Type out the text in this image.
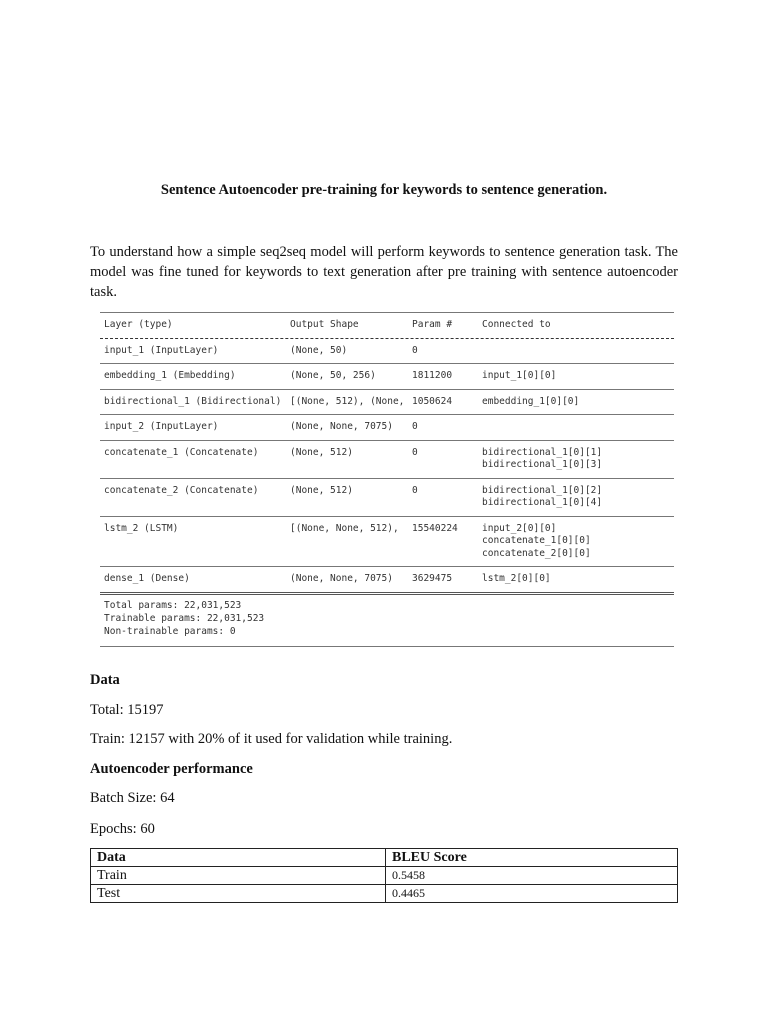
Sentence Autoencoder pre-training for keywords to sentence generation.
To understand how a simple seq2seq model will perform keywords to sentence generation task. The model was fine tuned for keywords to text generation after pre training with sentence autoencoder task.
Layer (type)	Output Shape	Param #	Connected to
input_1 (InputLayer)	(None, 50)	0
embedding_1 (Embedding)	(None, 50, 256)	1811200	input_1[0][0]
bidirectional_1 (Bidirectional) [(None, 512), (None, 1050624	embedding_1[0][0]
input_2 (InputLayer)	(None, None, 7075)	0
concatenate_1 (Concatenate)	(None, 512)	0	bidirectional_1[0][1]
bidirectional_1[0][3]
concatenate_2 (Concatenate)	(None, 512)	0	bidirectional_1[0][2]
bidirectional_1[0][4]
lstm_2 (LSTM)	[(None, None, 512),	15540224	input_2[0][0]
concatenate_1[0][0]
concatenate_2[0][0]
dense_1 (Dense)	(None, None, 7075)	3629475	lstm_2[0][0]
Total params: 22,031,523
Trainable params: 22,031,523
Non-trainable params: 0
Data
Total: 15197
Train: 12157 with 20% of it used for validation while training.
Autoencoder performance
Batch Size: 64
Epochs: 60
Data	BLEU Score
Train	0.5458
Test	0.4465
